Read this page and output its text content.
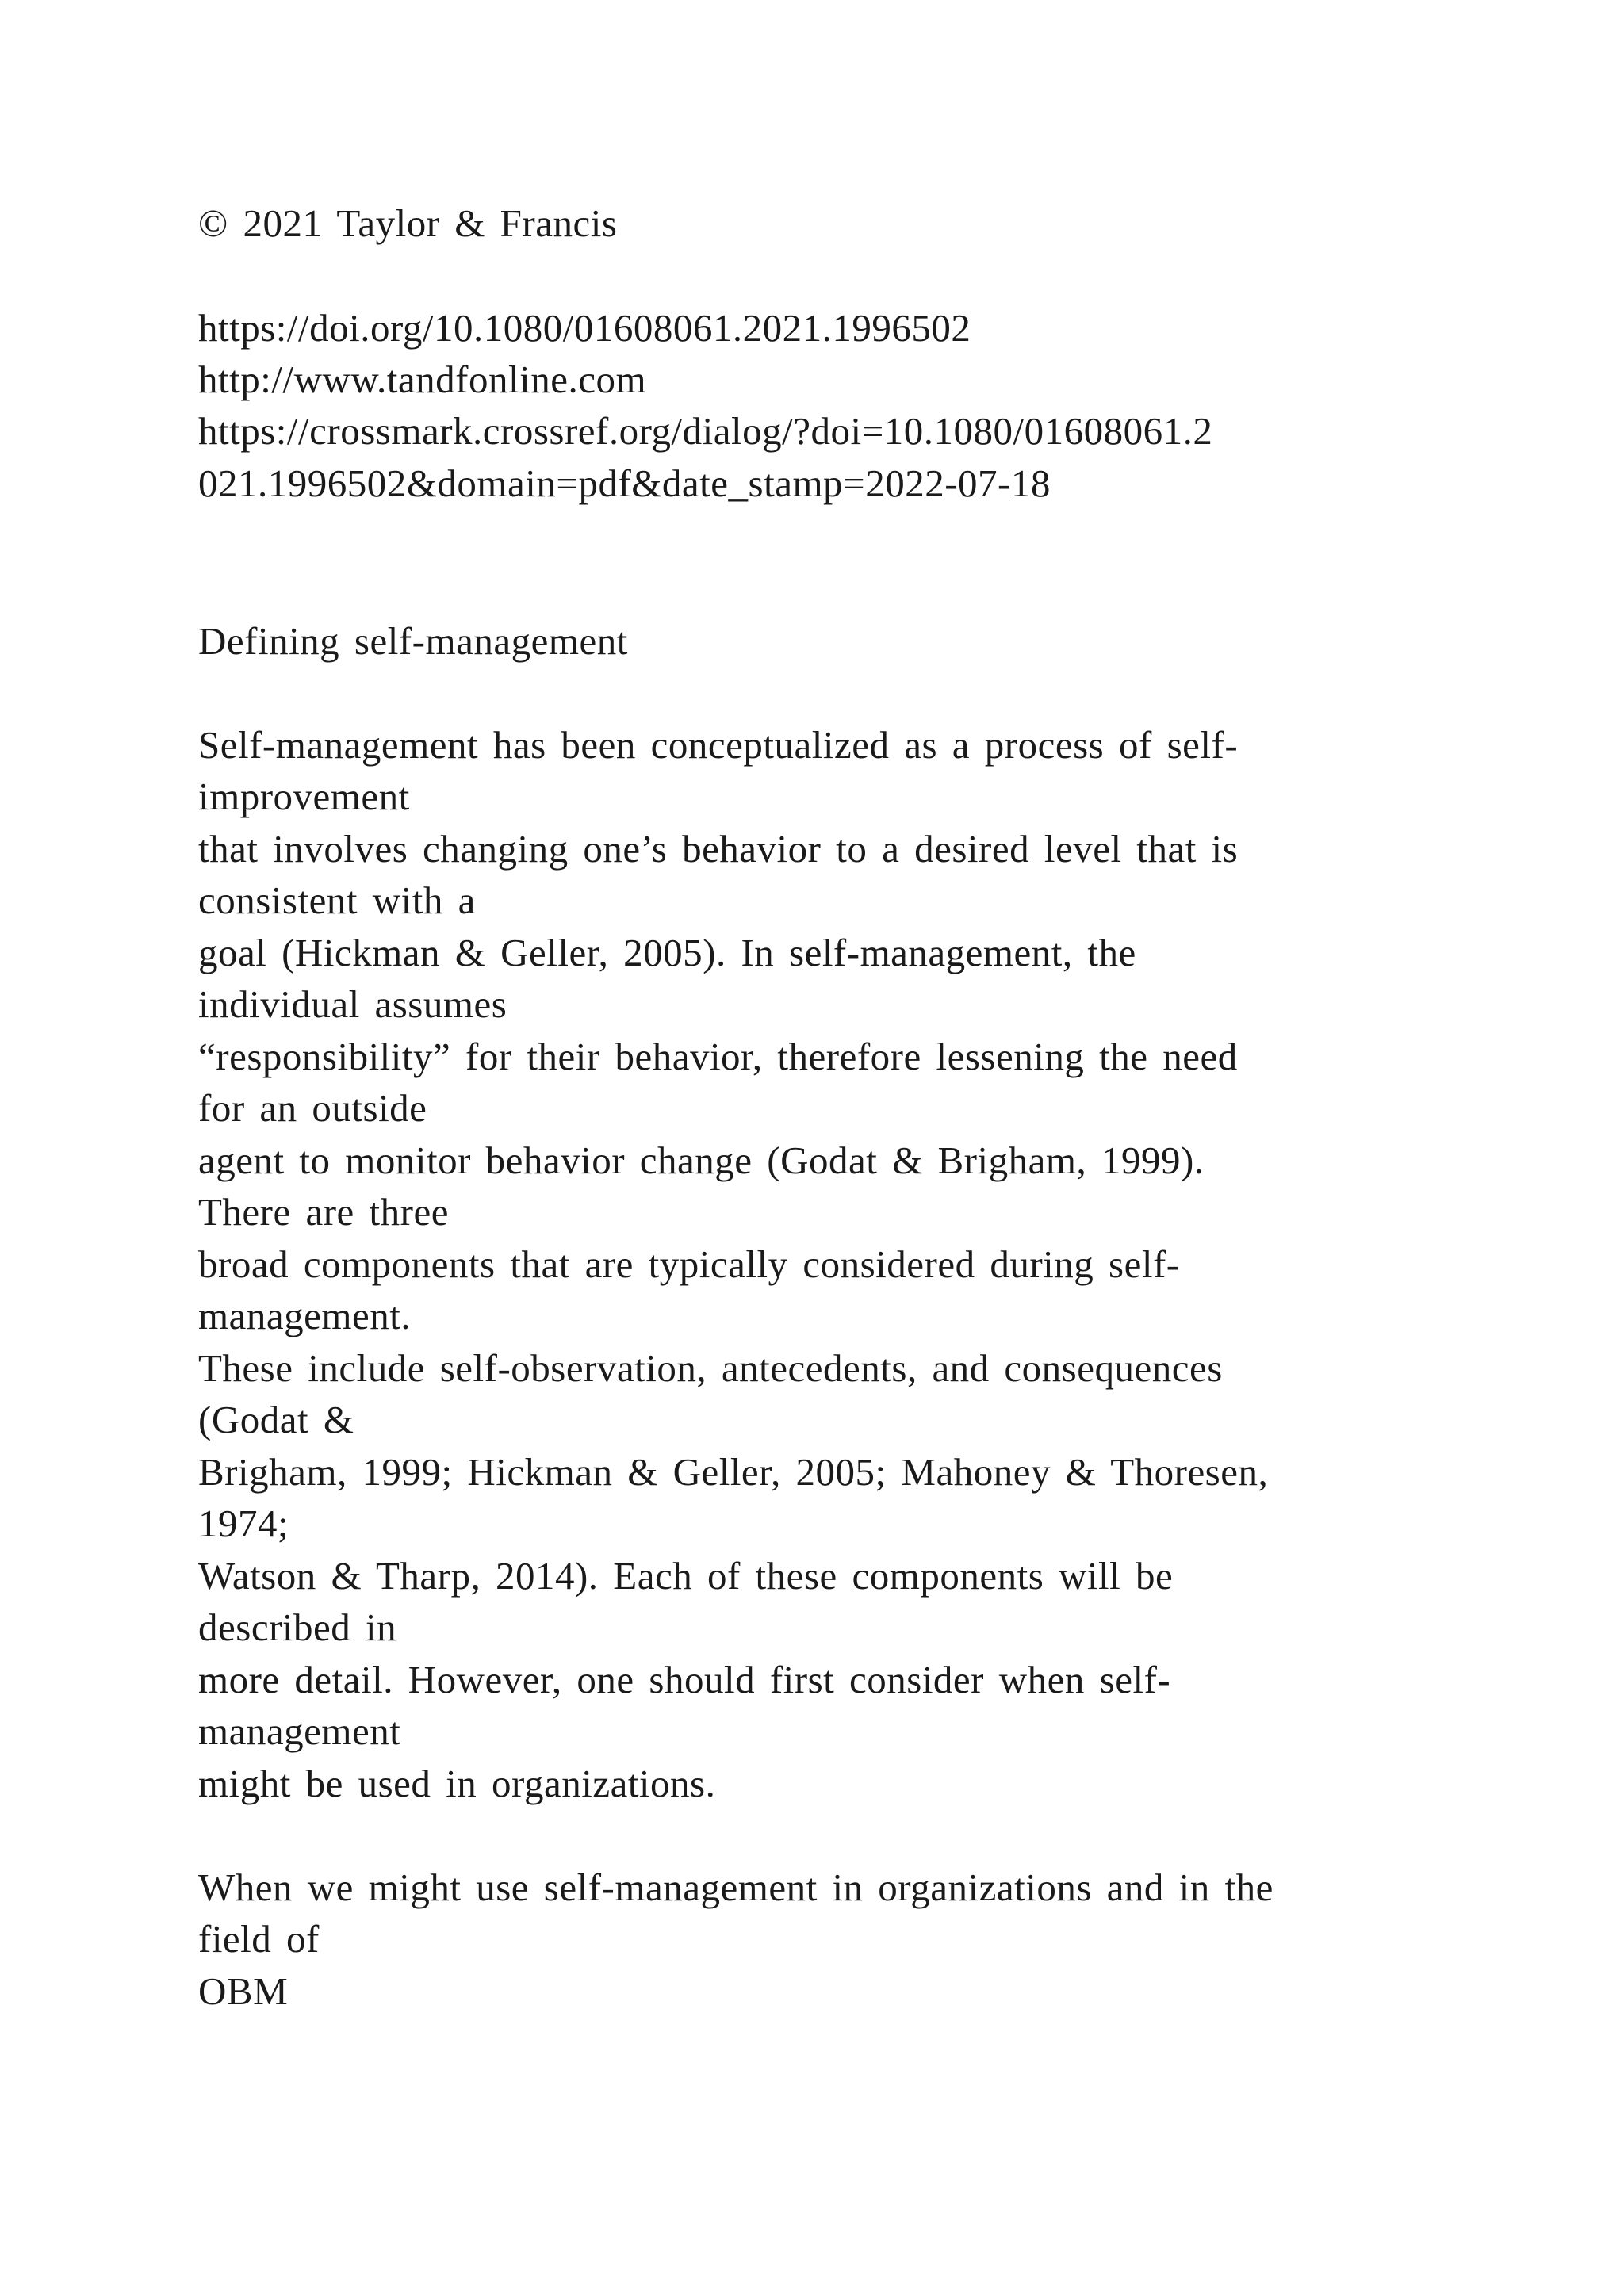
© 2021 Taylor & Francis
https://doi.org/10.1080/01608061.2021.1996502
http://www.tandfonline.com
https://crossmark.crossref.org/dialog/?doi=10.1080/01608061.2
021.1996502&domain=pdf&date_stamp=2022-07-18
Defining self-management
Self-management has been conceptualized as a process of self-
improvement
that involves changing one’s behavior to a desired level that is
consistent with a
goal (Hickman & Geller, 2005). In self-management, the
individual assumes
“responsibility” for their behavior, therefore lessening the need
for an outside
agent to monitor behavior change (Godat & Brigham, 1999).
There are three
broad components that are typically considered during self-
management.
These include self-observation, antecedents, and consequences
(Godat &
Brigham, 1999; Hickman & Geller, 2005; Mahoney & Thoresen,
1974;
Watson & Tharp, 2014). Each of these components will be
described in
more detail. However, one should first consider when self-
management
might be used in organizations.
When we might use self-management in organizations and in the
field of
OBM
